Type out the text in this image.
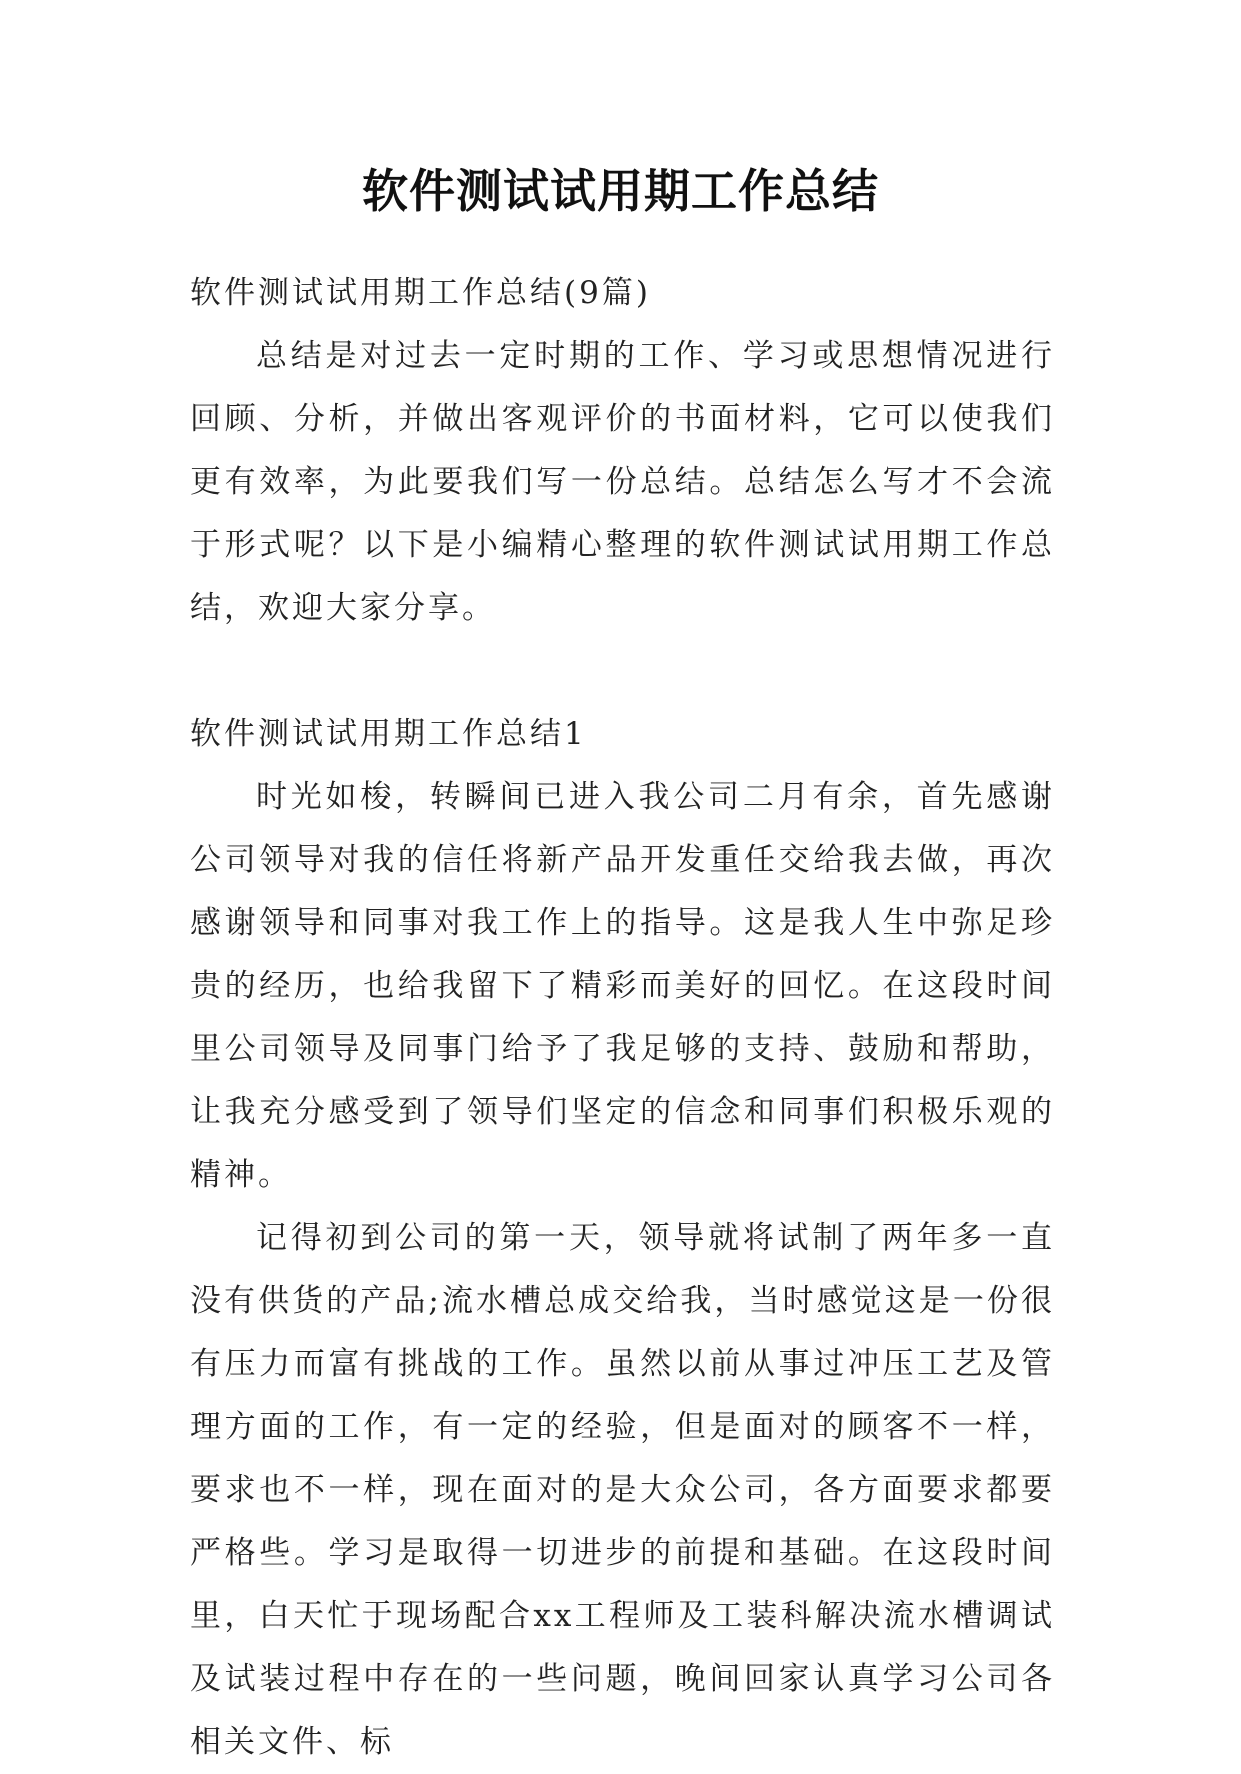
软件测试试用期工作总结

软件测试试用期工作总结(9篇)

总结是对过去一定时期的工作、学习或思想情况进行回顾、分析，并做出客观评价的书面材料，它可以使我们更有效率，为此要我们写一份总结。总结怎么写才不会流于形式呢？以下是小编精心整理的软件测试试用期工作总结，欢迎大家分享。

软件测试试用期工作总结1

时光如梭，转瞬间已进入我公司二月有余，首先感谢公司领导对我的信任将新产品开发重任交给我去做，再次感谢领导和同事对我工作上的指导。这是我人生中弥足珍贵的经历，也给我留下了精彩而美好的回忆。在这段时间里公司领导及同事门给予了我足够的支持、鼓励和帮助，让我充分感受到了领导们坚定的信念和同事们积极乐观的精神。

记得初到公司的第一天，领导就将试制了两年多一直没有供货的产品;流水槽总成交给我，当时感觉这是一份很有压力而富有挑战的工作。虽然以前从事过冲压工艺及管理方面的工作，有一定的经验，但是面对的顾客不一样，要求也不一样，现在面对的是大众公司，各方面要求都要严格些。学习是取得一切进步的前提和基础。在这段时间里，白天忙于现场配合xx工程师及工装科解决流水槽调试及试装过程中存在的一些问题，晚间回家认真学习公司各相关文件、标
